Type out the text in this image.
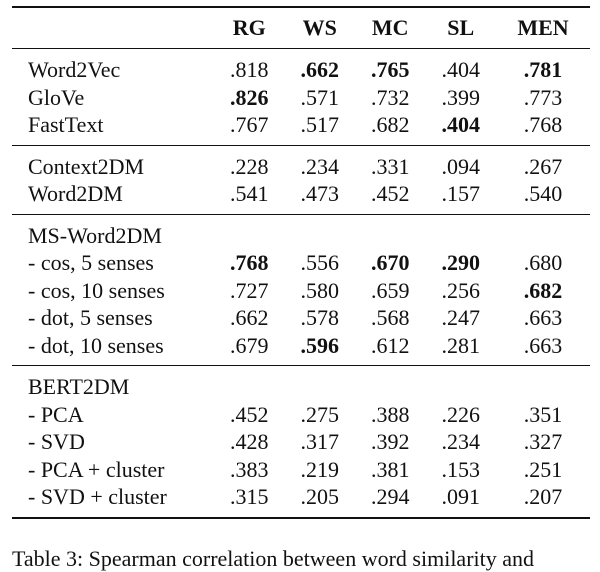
	RG	WS	MC	SL	MEN
Word2Vec	.818	.662	.765	.404	.781
GloVe	.826	.571	.732	.399	.773
FastText	.767	.517	.682	.404	.768
Context2DM	.228	.234	.331	.094	.267
Word2DM	.541	.473	.452	.157	.540
MS-Word2DM					
- cos, 5 senses	.768	.556	.670	.290	.680
- cos, 10 senses	.727	.580	.659	.256	.682
- dot, 5 senses	.662	.578	.568	.247	.663
- dot, 10 senses	.679	.596	.612	.281	.663
BERT2DM					
- PCA	.452	.275	.388	.226	.351
- SVD	.428	.317	.392	.234	.327
- PCA + cluster	.383	.219	.381	.153	.251
- SVD + cluster	.315	.205	.294	.091	.207
Table 3: Spearman correlation between word similarity and
